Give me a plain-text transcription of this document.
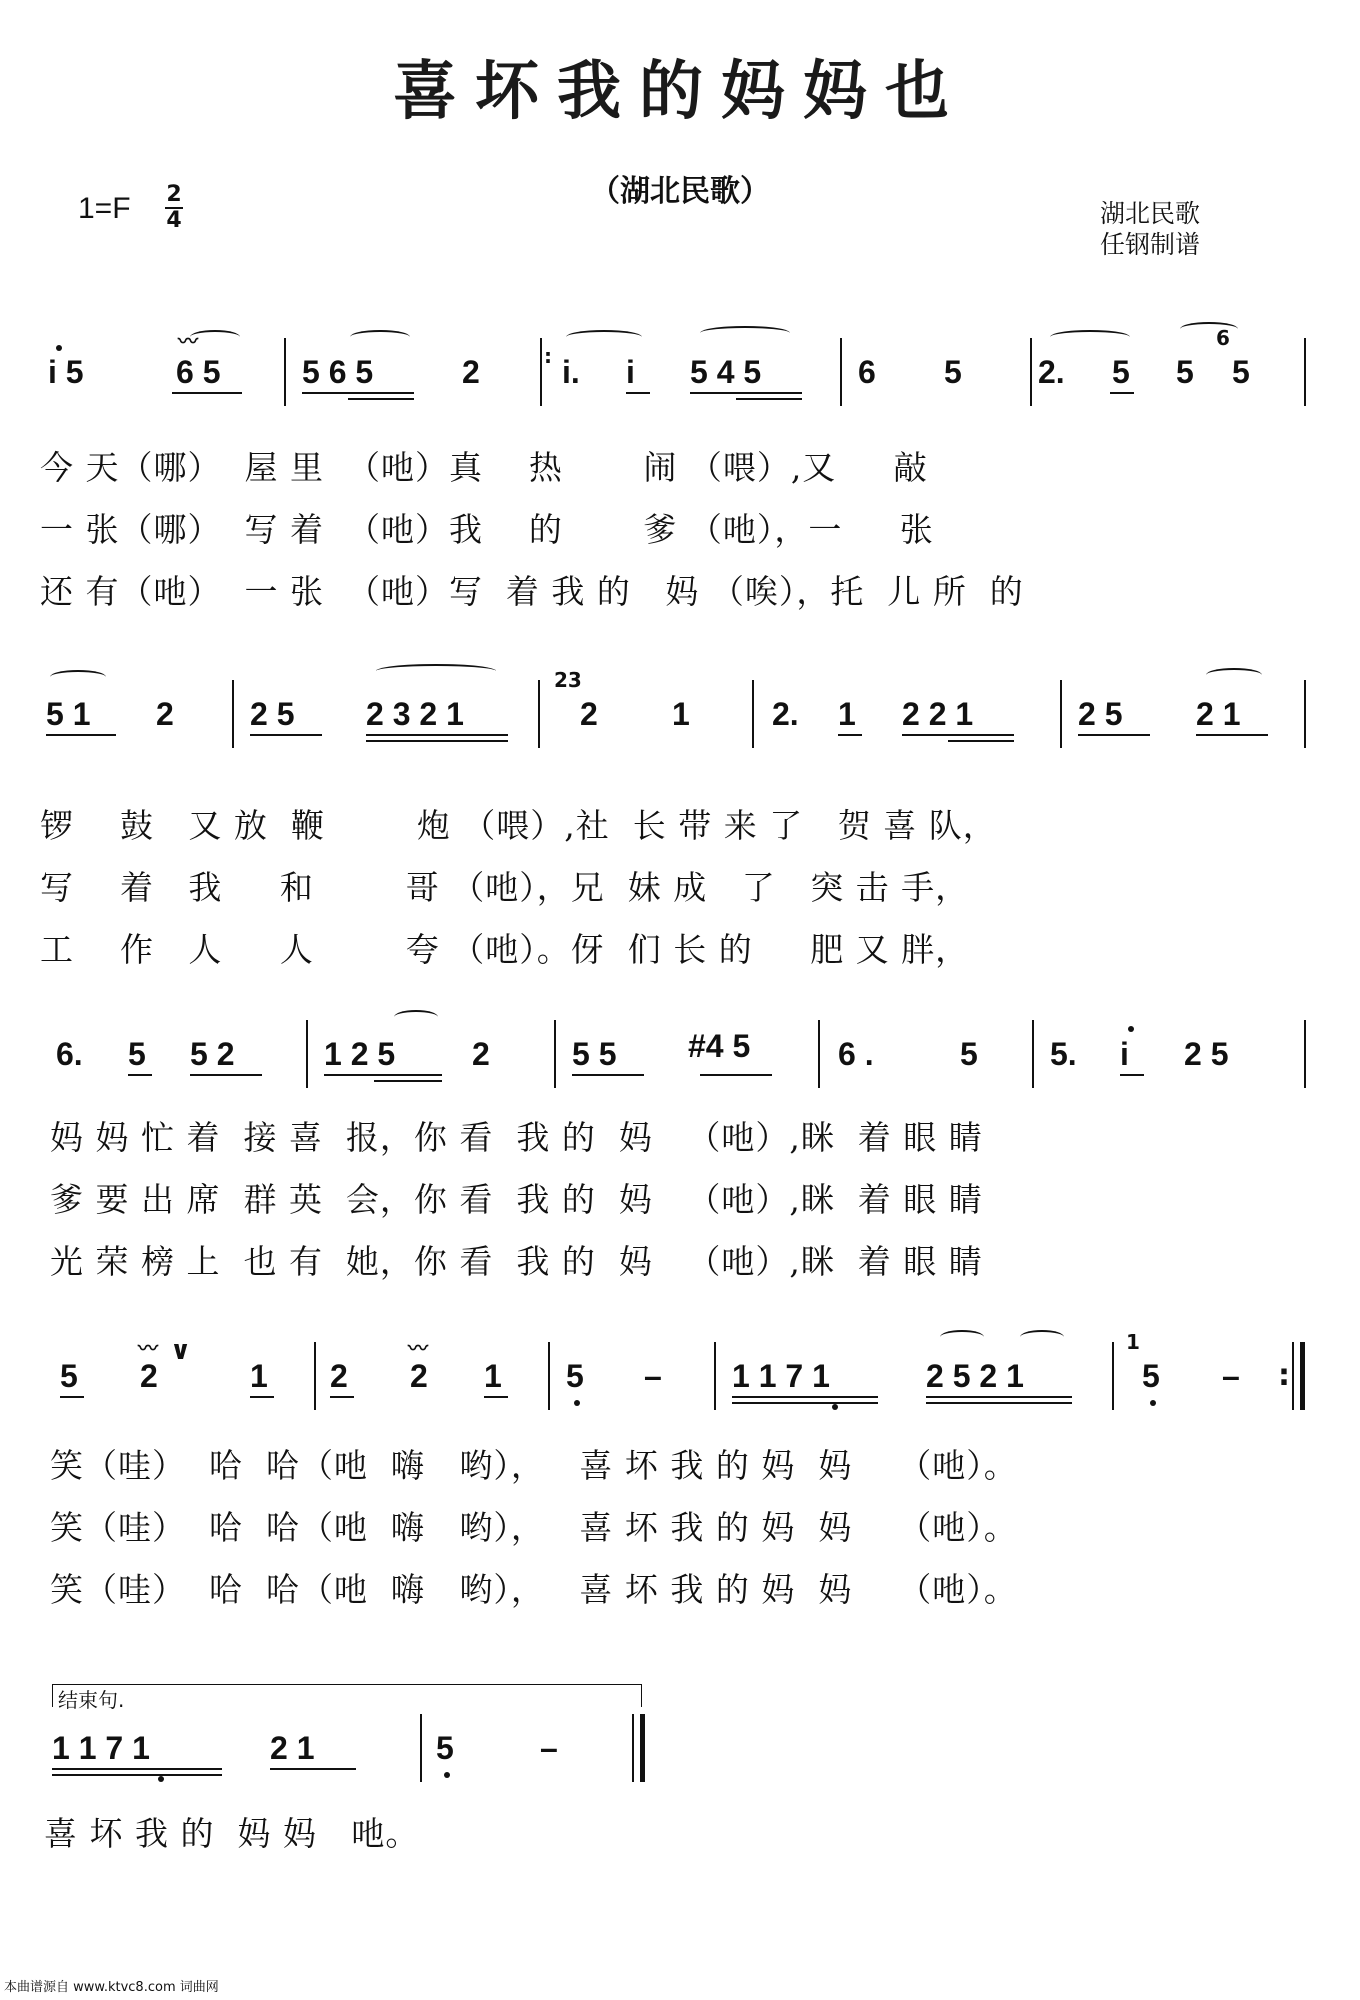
喜坏我的妈妈也
（湖北民歌）
1=F 2
4	湖北民歌
任钢制谱
i 5	6 5
〰
5 6 5	2	: i. i 5 4 5	6 5 2. 5 5
6
5
今 天（哪）  屋 里  （吔）真    热       闹 （喂）,又     敲
一 张（哪）  写 着  （吔）我    的       爹 （吔），一     张
还 有（吔）  一 张  （吔）写  着 我 的   妈 （唉），托  儿 所  的
5 1 2 2 5 2 3 2 1
23
2 1	2. 1 2 2 1	2 5 2 1
锣    鼓   又 放  鞭        炮 （喂）,社  长 带 来 了   贺 喜 队，
写    着   我     和        哥 （吔），兄  妹 成   了   突 击 手，
工    作   人     人        夸 （吔）。伢  们 长 的     肥 又 胖，
6. 5 5 2	1 2 5 2	5 5 #4 5	6 .	5 5. i 2 5
妈 妈 忙 着  接 喜  报，你 看  我 的  妈   （吔）,眯  着 眼 睛
爹 要 出 席  群 英  会，你 看  我 的  妈   （吔）,眯  着 眼 睛
光 荣 榜 上  也 有  她，你 看  我 的  妈   （吔）,眯  着 眼 睛
5 2
〰 ∨
1 2 2
〰
1 5 – 1 1 7 1	2 5 2 1
1
5 – :
笑（哇）  哈  哈（吔  嗨   哟），   喜 坏 我 的 妈  妈    （吔）。
笑（哇）  哈  哈（吔  嗨   哟），   喜 坏 我 的 妈  妈    （吔）。
笑（哇）  哈  哈（吔  嗨   哟），   喜 坏 我 的 妈  妈    （吔）。
结束句.
1 1 7 1	2 1	5	–
喜 坏 我 的  妈 妈   吔。
本曲谱源自 www.ktvc8.com 词曲网
